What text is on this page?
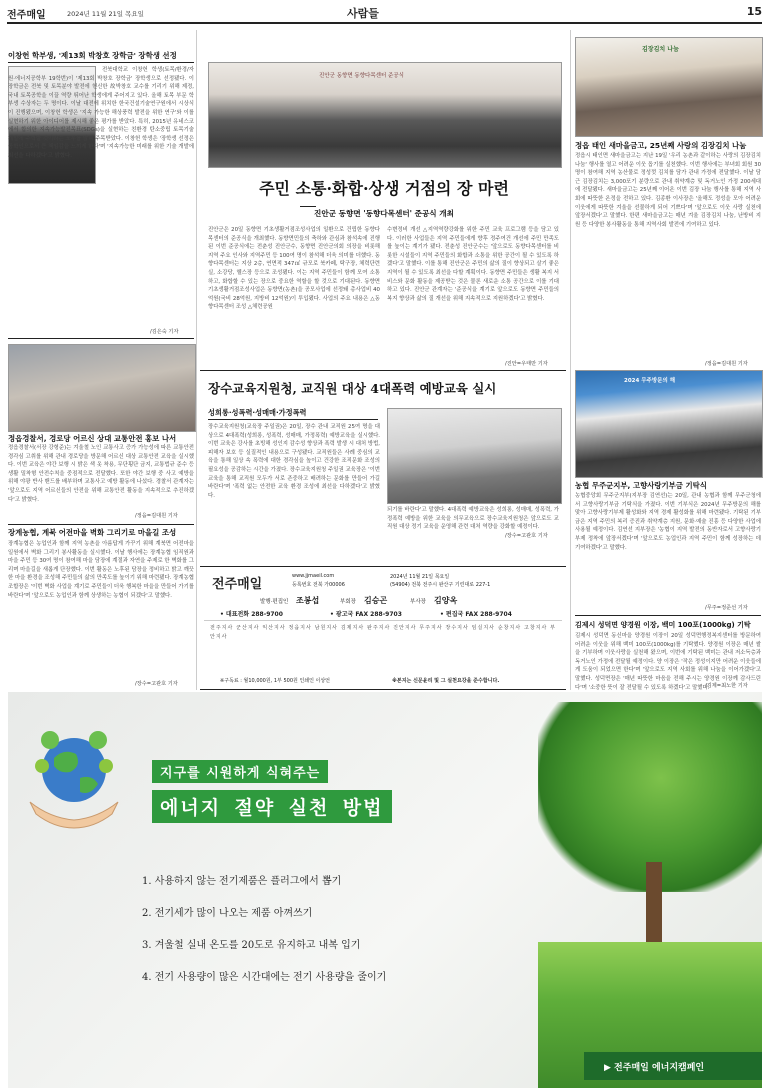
전주매일	2024년 11월 21일 목요일	사람들	15
이창헌 학부생, '제13회 박창호 장학금' 장학생 선정
전북대학교 이창헌 학생(토목/환경/자원·에너지공학부 19학번)이 '제13회 박창호 장학금' 장학생으로 선정됐다. 이 장학금은 전북 및 토목분야 발전에 헌신한 故박창호 교수를 기리기 위해 제정, 국내 토목공학을 이끌 역량 뛰어난 학생에게 주어지고 있다. 올해 토목 부문 학부생 수상자는 두 명이다. 이날 대전에 위치한 한국건설기술연구원에서 시상식이 진행됐으며, 이창헌 학생은 '지속 가능한 해상풍력 발전을 위한 연구'와 이를 실현하기 위한 아이디어를 제시해 좋은 평가를 받았다. 특히, 2015년 유네스코에서 합의한 지속가능발전목표(SDGs)을 실현하는 친환경 탄소중립 토목기술 개발에 주력할 것이라는 포부를 밝혀 주목받았다. 이창헌 학생은 '장학생 선정은 공학인으로서 큰 책임감을 느끼게 한다'며 '지속가능한 미래를 위한 기술 개발에 최선을 다하겠다'고 밝혔다.
/김은숙 기자
정읍경찰서, 경로당 어르신 상대 교통안전 홍보 나서
정읍경찰서(서장 강형준)는 겨울철 노인 교통사고 증가 가능성에 따른 교통안전 경각심 고취를 위해 관내 경로당을 방문해 어르신 대상 교통안전 교육을 실시했다. 이번 교육은 야간 보행 시 밝은 색 옷 착용, 무단횡단 금지, 교통법규 준수 등 생활 밀착형 안전수칙을 중점적으로 전달했다. 또한 야간 보행 중 사고 예방을 위해 야광 반사 밴드를 배부하며 교통사고 예방 활동에 나섰다. 경찰서 관계자는 '앞으로도 지역 어르신들의 안전을 위해 교통안전 활동을 지속적으로 추진하겠다'고 밝혔다.
/정읍=김대원 기자
장계농협, 계북 어전마을 벽화 그리기로 마을길 조성
장계농협은 농업인과 함께 지역 농촌을 아름답게 가꾸기 위해 계북면 어전마을 일원에서 벽화 그리기 봉사활동을 실시했다. 이날 행사에는 장계농협 임직원과 마을 주민 등 30여 명이 참여해 마을 담장에 계절과 자연을 주제로 한 벽화를 그리며 마을길을 새롭게 단장했다. 이번 활동은 노후된 담장을 정비하고 밝고 깨끗한 마을 환경을 조성해 주민들의 삶의 만족도를 높이기 위해 마련됐다. 장계농협 조합장은 '이번 벽화 사업을 계기로 주민들이 더욱 행복한 마을을 만들어 가기를 바란다'며 '앞으로도 농업인과 함께 상생하는 농협이 되겠다'고 말했다.
/장수=고관호 기자
진안군 동향면 동향다목센터 준공식
주민 소통·화합·상생 거점의 장 마련
진안군 동향면 '동향다목센터' 준공식 개최
진안군은 20일 동향면 기초생활거점조성사업의 일환으로 건립한 동향다목센터의 준공식을 개최했다. 동향면민들의 축하와 관심과 참석속에 진행된 이번 준공식에는 전춘성 진안군수, 동향면 진안군의회 의장을 비롯해 지역 주요 인사와 지역주민 등 100여 명이 참석해 더욱 의미를 더했다. 동향다목센터는 지상 2층, 연면적 347㎡ 규모로 북카페, 탁구장, 체력단련실, 소강당, 헬스장 등으로 조성됐다. 이는 지역 주민들이 함께 모여 소통하고, 화합할 수 있는 장으로 중요한 역할을 할 것으로 기대된다. 동향면 기초생활거점조성사업은 동향면(농촌)을 공모사업에 선정돼 총사업비 40억원(국비 28억원, 지방비 12억원)이 투입됐다. 사업의 주요 내용은 △동향다목센터 조성 △체련공원
수변정비 개선 △지역역량강화를 위한 주민 교육 프로그램 등을 담고 있다. 이러한 사업들은 지역 주민들에게 향후 정주여건 개선에 주민 만족도를 높이는 계기가 됐다. 전춘성 진안군수는 '앞으로도 동향다목센터를 비롯한 시설들이 지역 주민들의 화합과 소통을 위한 공간이 될 수 있도록 하겠다'고 말했다. 이를 통해 진안군은 주민의 삶의 질이 향상되고 살기 좋은 지역이 될 수 있도록 최선을 다할 계획이다. 동향면 주민들은 생활 복지 서비스와 문화 활동을 제공받는 것은 물론 새로운 소통 공간으로 이를 기대하고 있다. 진안군 관계자는 '준공식을 계기로 앞으로도 동향면 주민들의 복지 향상과 삶의 질 개선을 위해 지속적으로 지원하겠다'고 밝혔다.
/진안=우태만 기자
장수교육지원청, 교직원 대상 4대폭력 예방교육 실시
성희롱·성폭력·성매매·가정폭력
장수교육지원청(교육장 주일권)은 20일, 장수 관내 교직원 25여 명을 대상으로 4대폭력(성희롱, 성폭력, 성매매, 가정폭력) 예방교육을 실시했다. 이번 교육은 강사를 초빙해 성인지 감수성 향상과 폭력 발생 시 대처 방법, 피해자 보호 등 실질적인 내용으로 구성됐다. 교직원들은 사례 중심의 교육을 통해 일상 속 폭력에 대한 경각심을 높이고 건강한 조직문화 조성의 필요성을 공감하는 시간을 가졌다. 장수교육지원청 주일권 교육장은 '이번 교육을 통해 교직원 모두가 서로 존중하고 배려하는 문화를 만들어 가길 바란다'며 '폭력 없는 안전한 교육 환경 조성에 최선을 다하겠다'고 밝혔다.
되기를 바란다'고 말했다. 4대폭력 예방교육은 성희롱, 성매매, 성폭력, 가정폭력 예방을 위한 교육을 의무교육으로 장수교육지원청은 앞으로도 교직원 대상 정기 교육을 운영해 관련 대처 역량을 강화할 예정이다.
/장수=고관호 기자
전주매일
www.jjmaeil.com
등록번호 전북 가00006
2024년 11월 21일 목요일
(54904) 전북 전주시 완산구 기린대로 227-1
발행·편집인 조봉섭	부회장 김승곤	부사장 김양옥
• 대표전화 288-9700	• 광고국 FAX 288-9703	• 편집국 FAX 288-9704
전주지사 군산지사 익산지사 정읍지사 남원지사 김제지사 완주지사 진안지사 무주지사 장수지사 임실지사 순창지사 고창지사 부안지사
※구독료 : 월10,000원, 1부 500원 인쇄인 이상언	※본지는 신문윤리 및 그 실천요강을 준수합니다.
김장김치 나눔
정읍 태인 새마을금고, 25년째 사랑의 김장김치 나눔
정읍시 태인면 새마을금고는 지난 19일 '우리 농촌과 같이하는 사랑의 김장김치 나눔' 행사를 열고 어려운 이웃 돕기를 실천했다. 이번 행사에는 부녀회 회원 30명이 참여해 지역 농산물로 정성껏 김치를 담가 관내 가정에 전달했다. 이날 담근 김장김치는 3,000포기 분량으로 관내 취약계층 및 독거노인 가정 200세대에 전달됐다. 새마을금고는 25년째 이어온 이번 김장 나눔 행사를 통해 지역 사회에 따뜻한 온정을 전하고 있다. 김종환 이사장은 '올해도 정성을 모아 어려운 이웃에게 따뜻한 겨울을 선물하게 되어 기쁘다'며 '앞으로도 이웃 사랑 실천에 앞장서겠다'고 말했다. 한편 새마을금고는 매년 겨울 김장김치 나눔, 난방비 지원 등 다양한 봉사활동을 통해 지역사회 발전에 기여하고 있다.
/정읍=김대원 기자
2024 무주방문의 해
농협 무주군지부, 고향사랑기부금 기탁식
농협중앙회 무주군지부(지부장 김연선)는 20일, 관내 농협과 함께 무주군청에서 고향사랑기부금 기탁식을 가졌다. 이번 기부식은 2024년 무주방문의 해를 맞아 고향사랑기부제 활성화와 지역 경제 활성화를 위해 마련됐다. 기탁된 기부금은 지역 주민의 복리 증진과 취약계층 지원, 문화·예술 진흥 등 다양한 사업에 사용될 예정이다. 김연선 지부장은 '농협이 지역 발전의 동반자로서 고향사랑기부제 정착에 앞장서겠다'며 '앞으로도 농업인과 지역 주민이 함께 성장하는 데 기여하겠다'고 말했다.
/무주=정준선 기자
김제시 성덕면 양경원 이장, 백미 100포(1000kg) 기탁
김제시 성덕면 동신마을 양경원 이장이 20일 성덕면행정복지센터를 방문하여 어려운 이웃을 위해 백미 100포(1000kg)를 기탁했다. 양경원 이장은 매년 쌀을 기부하며 이웃사랑을 실천해 왔으며, 이번에 기탁된 백미는 관내 저소득층과 독거노인 가정에 전달될 예정이다. 양 이장은 '작은 정성이지만 어려운 이웃들에게 도움이 되었으면 한다'며 '앞으로도 지역 사회를 위해 나눔을 이어가겠다'고 말했다. 성덕면장은 '매년 따뜻한 마음을 전해 주시는 양경원 이장께 감사드린다'며 '소중한 뜻이 잘 전달될 수 있도록 하겠다'고 말했다.
/김제=최노한 기자
지구를 시원하게 식혀주는
에너지 절약 실천 방법
1. 사용하지 않는 전기제품은 플러그에서 뽑기
2. 전기세가 많이 나오는 제품 아껴쓰기
3. 겨울철 실내 온도를 20도로 유지하고 내복 입기
4. 전기 사용량이 많은 시간대에는 전기 사용량을 줄이기
▶ 전주매일 에너지캠페인
